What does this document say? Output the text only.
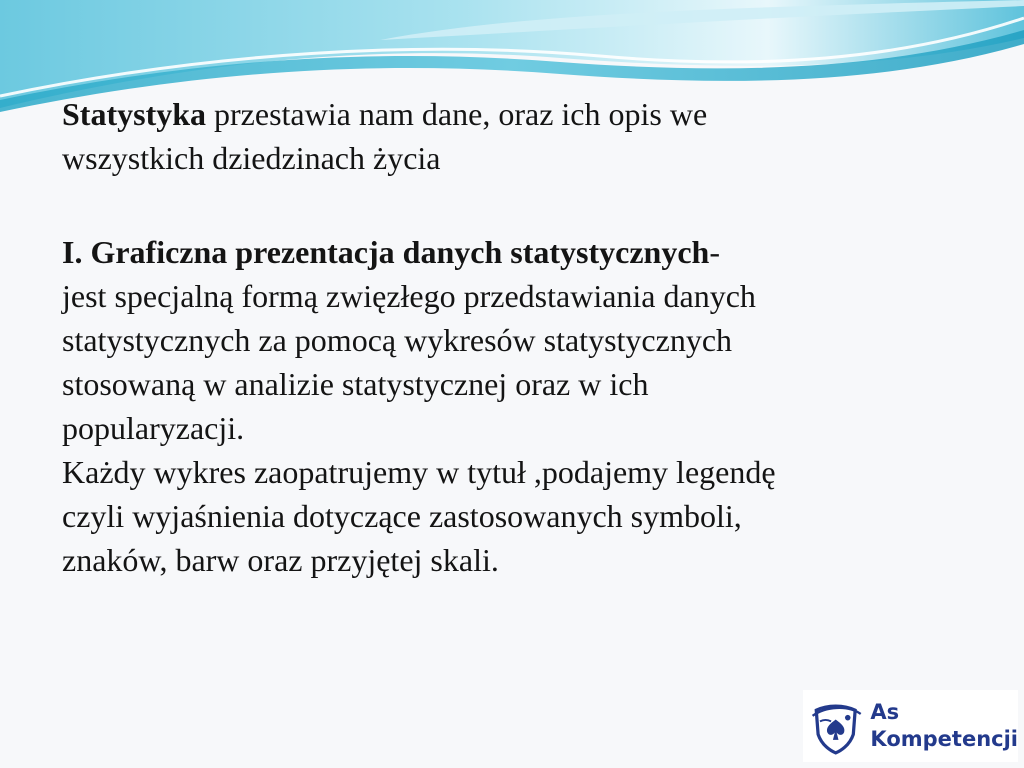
Statystyka przestawia nam dane, oraz ich opis we
wszystkich dziedzinach życia

I. Graficzna prezentacja danych statystycznych-
jest specjalną formą zwięzłego przedstawiania danych
statystycznych za pomocą wykresów statystycznych
stosowaną w analizie statystycznej oraz w ich
popularyzacji.
Każdy wykres zaopatrujemy w tytuł ,podajemy legendę
czyli wyjaśnienia dotyczące zastosowanych symboli,
znaków, barw oraz przyjętej skali.

As
Kompetencji
